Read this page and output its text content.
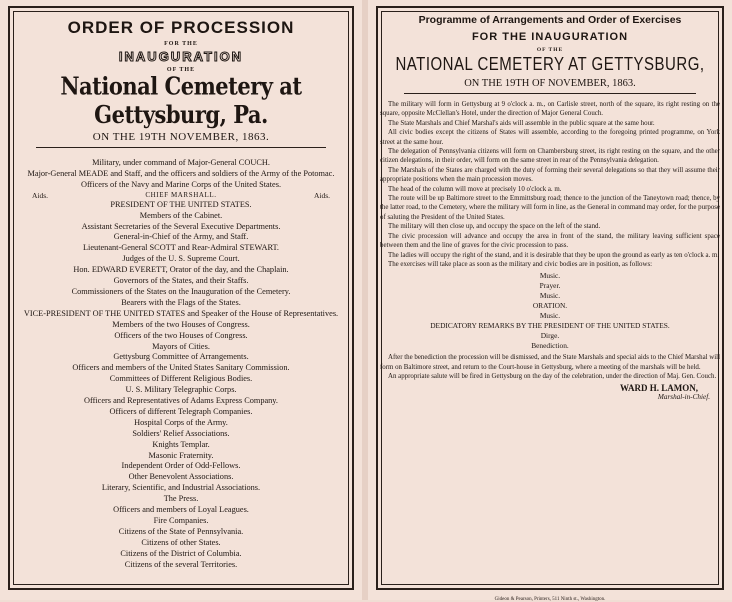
ORDER OF PROCESSION
FOR THE
INAUGURATION
OF THE
National Cemetery at Gettysburg, Pa.
ON THE 19TH NOVEMBER, 1863.
Military, under command of Major-General COUCH.
Major-General MEADE and Staff, and the officers and soldiers of the Army of the Potomac.
Officers of the Navy and Marine Corps of the United States.
Aids.	CHIEF MARSHALL.	Aids.
PRESIDENT OF THE UNITED STATES.
Members of the Cabinet.
Assistant Secretaries of the Several Executive Departments.
General-in-Chief of the Army, and Staff.
Lieutenant-General SCOTT and Rear-Admiral STEWART.
Judges of the U. S. Supreme Court.
Hon. EDWARD EVERETT, Orator of the day, and the Chaplain.
Governors of the States, and their Staffs.
Commissioners of the States on the Inauguration of the Cemetery.
Bearers with the Flags of the States.
VICE-PRESIDENT OF THE UNITED STATES and Speaker of the House of Representatives.
Members of the two Houses of Congress.
Officers of the two Houses of Congress.
Mayors of Cities.
Gettysburg Committee of Arrangements.
Officers and members of the United States Sanitary Commission.
Committees of Different Religious Bodies.
U. S. Military Telegraphic Corps.
Officers and Representatives of Adams Express Company.
Officers of different Telegraph Companies.
Hospital Corps of the Army.
Soldiers' Relief Associations.
Knights Templar.
Masonic Fraternity.
Independent Order of Odd-Fellows.
Other Benevolent Associations.
Literary, Scientific, and Industrial Associations.
The Press.
Officers and members of Loyal Leagues.
Fire Companies.
Citizens of the State of Pennsylvania.
Citizens of other States.
Citizens of the District of Columbia.
Citizens of the several Territories.
Programme of Arrangements and Order of Exercises
FOR THE INAUGURATION
OF THE
NATIONAL CEMETERY AT GETTYSBURG,
ON THE 19TH OF NOVEMBER, 1863.

The military will form in Gettysburg at 9 o'clock a. m., on Carlisle street, north of the square, its right resting on the square, opposite McClellan's Hotel, under the direction of Major General Couch.

The State Marshals and Chief Marshal's aids will assemble in the public square at the same hour.

All civic bodies except the citizens of States will assemble, according to the foregoing printed programme, on York street at the same hour.

The delegation of Pennsylvania citizens will form on Chambersburg street, its right resting on the square, and the other citizen delegations, in their order, will form on the same street in rear of the Pennsylvania delegation.

The Marshals of the States are charged with the duty of forming their several delegations so that they will assume their appropriate positions when the main procession moves.

The head of the column will move at precisely 10 o'clock a. m.

The route will be up Baltimore street to the Emmittsburg road; thence to the junction of the Taneytown road; thence, by the latter road, to the Cemetery, where the military will form in line, as the General in command may order, for the purpose of saluting the President of the United States.

The military will then close up, and occupy the space on the left of the stand.

The civic procession will advance and occupy the area in front of the stand, the military leaving sufficient space between them and the line of graves for the civic procession to pass.

The ladies will occupy the right of the stand, and it is desirable that they be upon the ground as early as ten o'clock a. m.

The exercises will take place as soon as the military and civic bodies are in position, as follows:

Music.
Prayer.
Music.
ORATION.
Music.
DEDICATORY REMARKS BY THE PRESIDENT OF THE UNITED STATES.
Dirge.
Benediction.

After the benediction the procession will be dismissed, and the State Marshals and special aids to the Chief Marshal will form on Baltimore street, and return to the Court-house in Gettysburg, where a meeting of the marshals will be held.

An appropriate salute will be fired in Gettysburg on the day of the celebration, under the direction of Maj. Gen. Couch.

WARD H. LAMON,
Marshal-in-Chief.
Gideon & Pearson, Printers, 511 Ninth st., Washington.
